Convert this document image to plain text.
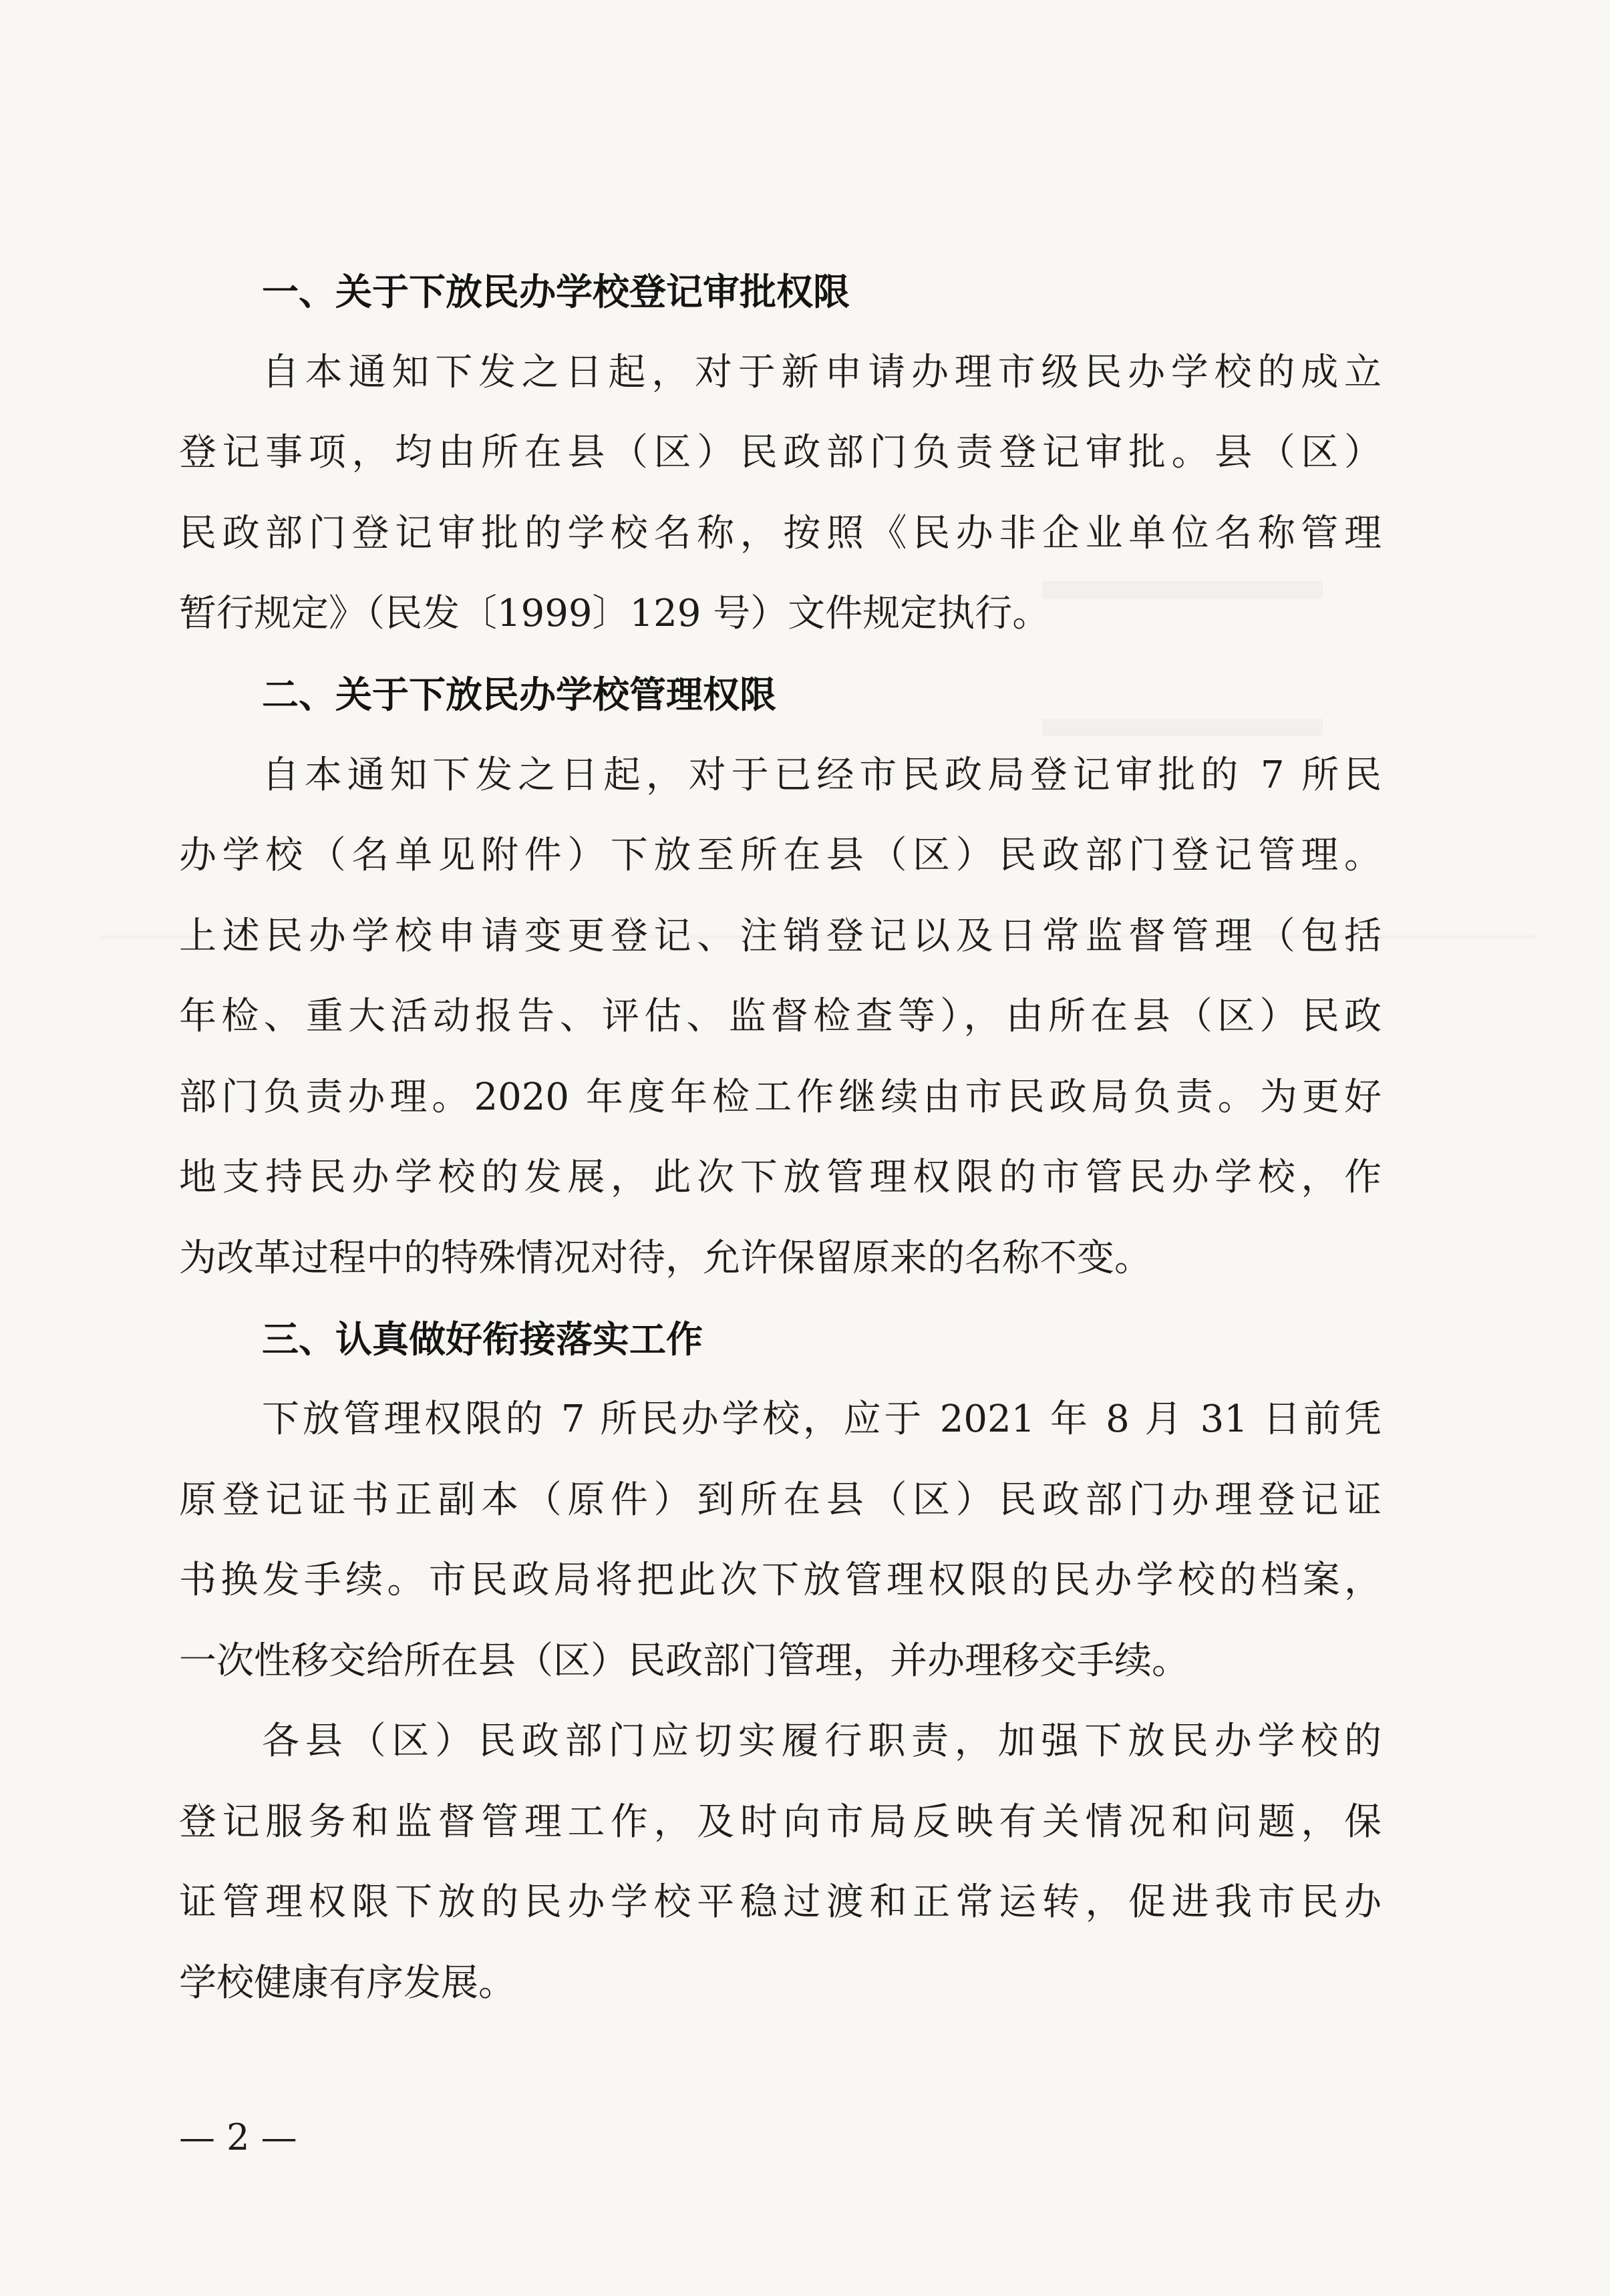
一、关于下放民办学校登记审批权限
自本通知下发之日起，对于新申请办理市级民办学校的成立
登记事项，均由所在县（区）民政部门负责登记审批。县（区）
民政部门登记审批的学校名称，按照《民办非企业单位名称管理
暂行规定》（民发〔1999〕129 号）文件规定执行。
二、关于下放民办学校管理权限
自本通知下发之日起，对于已经市民政局登记审批的 7 所民
办学校（名单见附件）下放至所在县（区）民政部门登记管理。
上述民办学校申请变更登记、注销登记以及日常监督管理（包括
年检、重大活动报告、评估、监督检查等），由所在县（区）民政
部门负责办理。2020 年度年检工作继续由市民政局负责。为更好
地支持民办学校的发展，此次下放管理权限的市管民办学校，作
为改革过程中的特殊情况对待，允许保留原来的名称不变。
三、认真做好衔接落实工作
下放管理权限的 7 所民办学校，应于 2021 年 8 月 31 日前凭
原登记证书正副本（原件）到所在县（区）民政部门办理登记证
书换发手续。市民政局将把此次下放管理权限的民办学校的档案，
一次性移交给所在县（区）民政部门管理，并办理移交手续。
各县（区）民政部门应切实履行职责，加强下放民办学校的
登记服务和监督管理工作，及时向市局反映有关情况和问题，保
证管理权限下放的民办学校平稳过渡和正常运转，促进我市民办
学校健康有序发展。
— 2 —
